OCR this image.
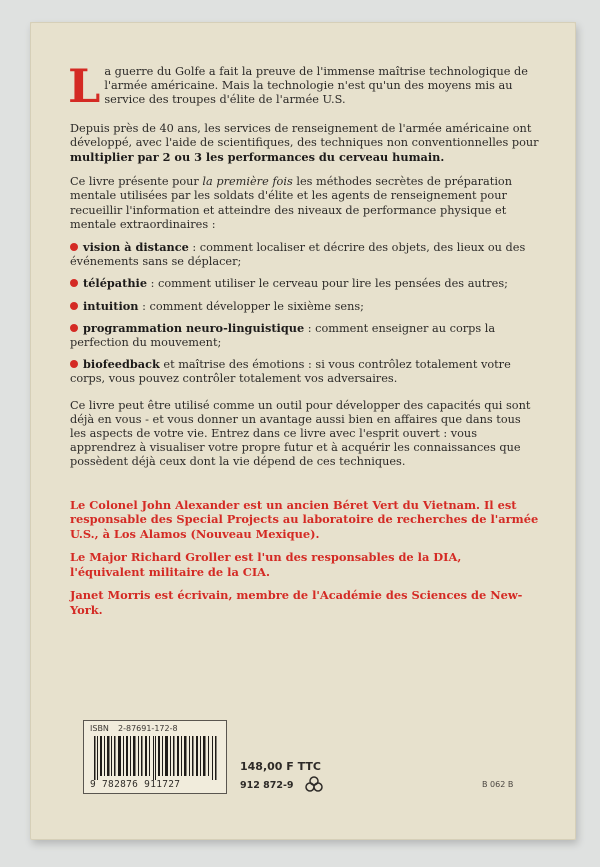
La guerre du Golfe a fait la preuve de l'immense maîtrise technologique de l'armée américaine. Mais la technologie n'est qu'un des moyens mis au service des troupes d'élite de l'armée U.S.

Depuis près de 40 ans, les services de renseignement de l'armée américaine ont développé, avec l'aide de scientifiques, des techniques non conventionnelles pour multiplier par 2 ou 3 les performances du cerveau humain.

Ce livre présente pour la première fois les méthodes secrètes de préparation mentale utilisées par les soldats d'élite et les agents de renseignement pour recueillir l'information et atteindre des niveaux de performance physique et mentale extraordinaires :

vision à distance : comment localiser et décrire des objets, des lieux ou des événements sans se déplacer;
télépathie : comment utiliser le cerveau pour lire les pensées des autres;
intuition : comment développer le sixième sens;
programmation neuro-linguistique : comment enseigner au corps la perfection du mouvement;
biofeedback et maîtrise des émotions : si vous contrôlez totalement votre corps, vous pouvez contrôler totalement vos adversaires.

Ce livre peut être utilisé comme un outil pour développer des capacités qui sont déjà en vous - et vous donner un avantage aussi bien en affaires que dans tous les aspects de votre vie. Entrez dans ce livre avec l'esprit ouvert : vous apprendrez à visualiser votre propre futur et à acquérir les connaissances que possèdent déjà ceux dont la vie dépend de ces techniques.

Le Colonel John Alexander est un ancien Béret Vert du Vietnam. Il est responsable des Special Projects au laboratoire de recherches de l'armée U.S., à Los Alamos (Nouveau Mexique).

Le Major Richard Groller est l'un des responsables de la DIA, l'équivalent militaire de la CIA.

Janet Morris est écrivain, membre de l'Académie des Sciences de New-York.

ISBN 2-87691-172-8
9 782876 911727
148,00 F TTC
912 872-9	B 062 B
